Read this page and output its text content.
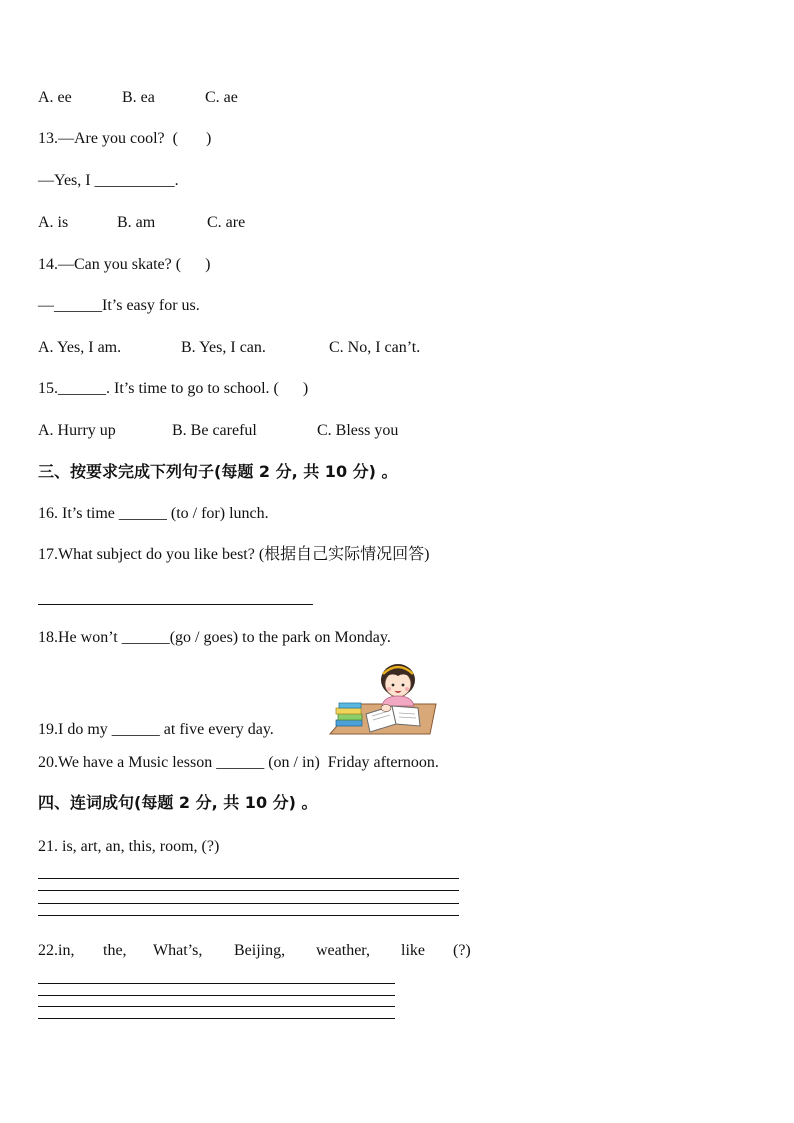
A. ee	B. ea	C. ae
13.—Are you cool?  (       )
—Yes, I __________.
A. is	B. am	C. are
14.—Can you skate? (      )
—______It’s easy for us.
A. Yes, I am.	B. Yes, I can.	C. No, I can’t.
15.______. It’s time to go to school. (      )
A. Hurry up	B. Be careful	C. Bless you
三、按要求完成下列句子(每题 2 分, 共 10 分) 。
16. It’s time ______ (to / for) lunch.
17.What subject do you like best? (根据自己实际情况回答)
18.He won’t ______(go / goes) to the park on Monday.
19.I do my ______ at five every day.
20.We have a Music lesson ______ (on / in)  Friday afternoon.
四、连词成句(每题 2 分, 共 10 分) 。
21. is, art, an, this, room, (?)
22.in, the, What’s, Beijing, weather, like (?)
